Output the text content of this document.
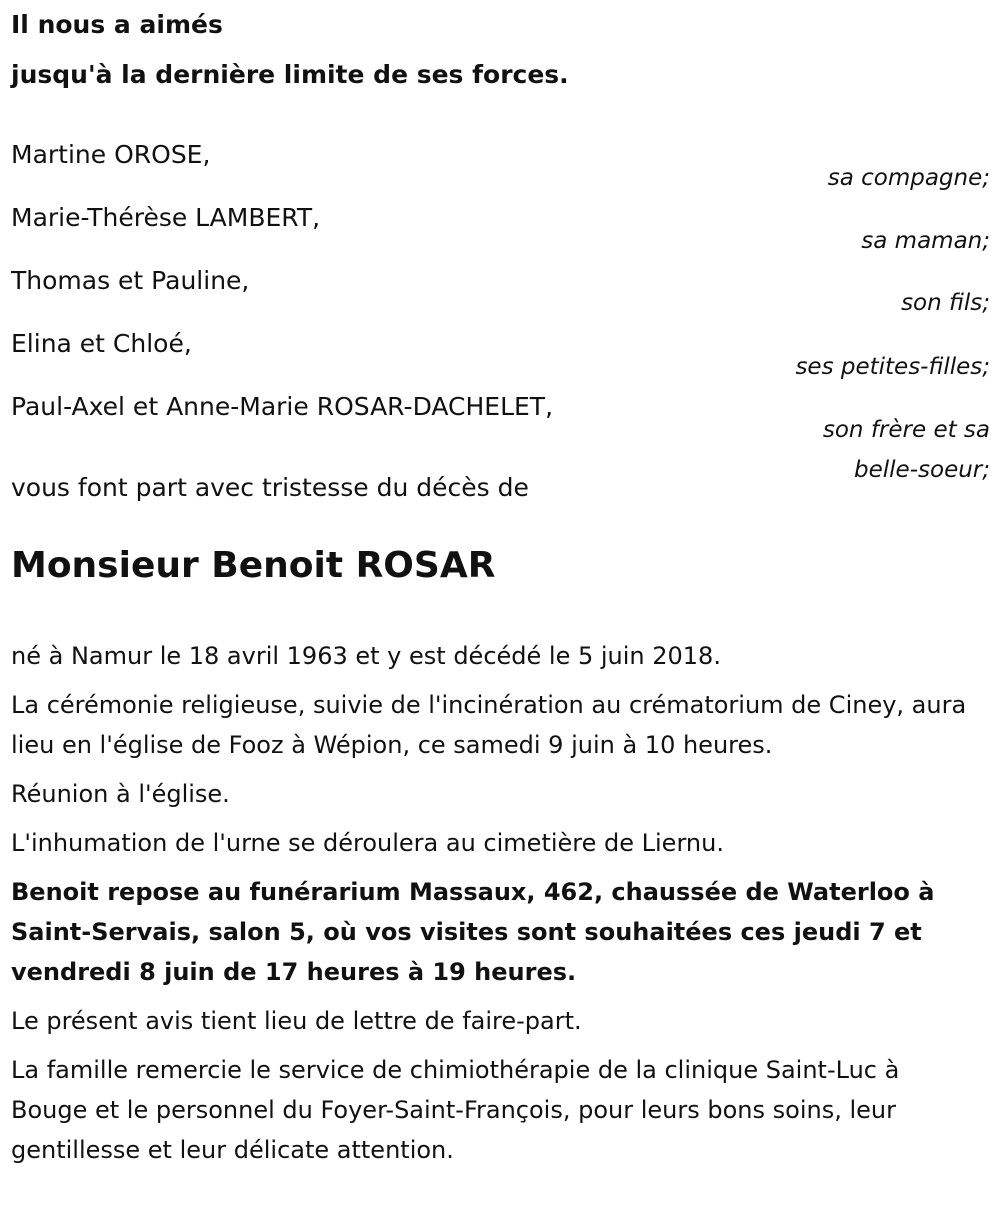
Il nous a aimés
jusqu'à la dernière limite de ses forces.
Martine OROSE,
sa compagne;
Marie-Thérèse LAMBERT,
sa maman;
Thomas et Pauline,
son fils;
Elina et Chloé,
ses petites-filles;
Paul-Axel et Anne-Marie ROSAR-DACHELET,
son frère et sa
belle-soeur;
vous font part avec tristesse du décès de
Monsieur Benoit ROSAR

né à Namur le 18 avril 1963 et y est décédé le 5 juin 2018.

La cérémonie religieuse, suivie de l'incinération au crématorium de Ciney, aura lieu en l'église de Fooz à Wépion, ce samedi 9 juin à 10 heures.

Réunion à l'église.

L'inhumation de l'urne se déroulera au cimetière de Liernu.

Benoit repose au funérarium Massaux, 462, chaussée de Waterloo à Saint-Servais, salon 5, où vos visites sont souhaitées ces jeudi 7 et vendredi 8 juin de 17 heures à 19 heures.

Le présent avis tient lieu de lettre de faire-part.

La famille remercie le service de chimiothérapie de la clinique Saint-Luc à Bouge et le personnel du Foyer-Saint-François, pour leurs bons soins, leur gentillesse et leur délicate attention.
